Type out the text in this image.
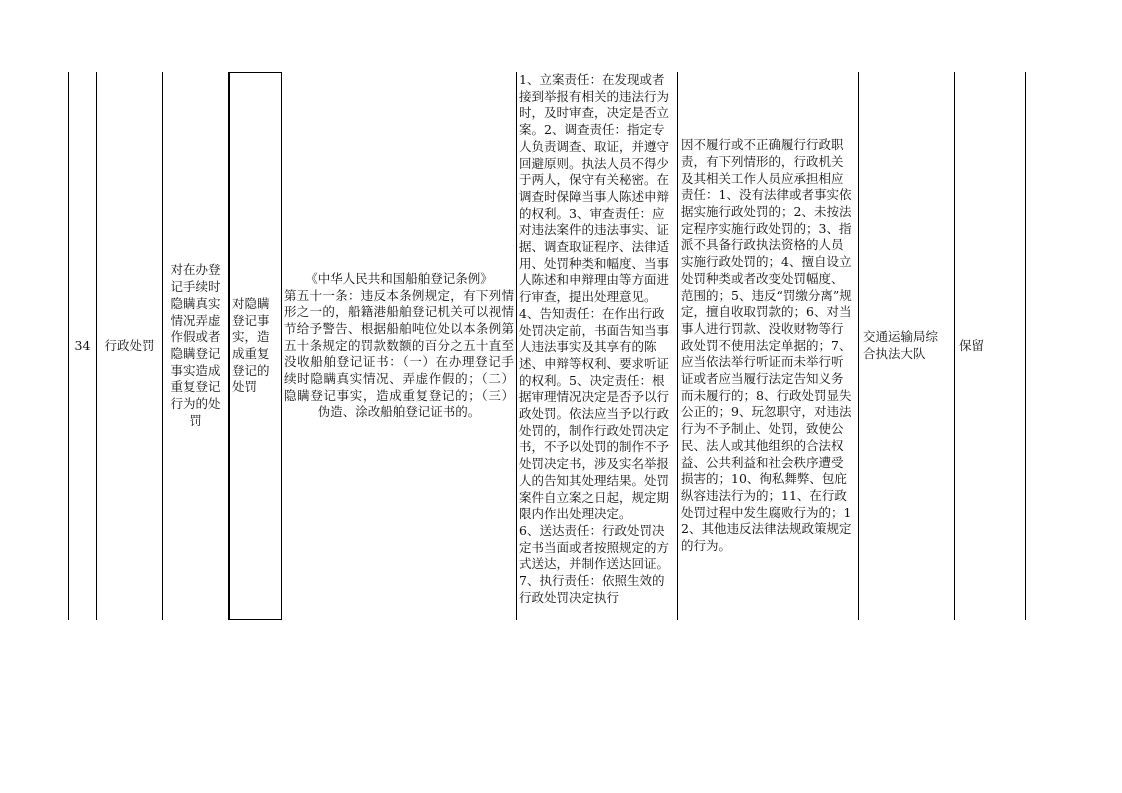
34	行政处罚
对在办登记手续时隐瞒真实情况弄虚作假或者隐瞒登记事实造成重复登记行为的处罚
对隐瞒登记事实，造成重复登记的处罚
《中华人民共和国船舶登记条例》
第五十一条：违反本条例规定，有下列情形之一的，船籍港船舶登记机关可以视情节给予警告、根据船舶吨位处以本条例第五十条规定的罚款数额的百分之五十直至没收船舶登记证书：（一）在办理登记手续时隐瞒真实情况、弄虚作假的；（二）隐瞒登记事实，造成重复登记的；（三）伪造、涂改船舶登记证书的。
1、立案责任：在发现或者接到举报有相关的违法行为时，及时审查，决定是否立案。2、调查责任：指定专人负责调查、取证，并遵守回避原则。执法人员不得少于两人，保守有关秘密。在调查时保障当事人陈述申辩的权利。3、审查责任：应对违法案件的违法事实、证据、调查取证程序、法律适用、处罚种类和幅度、当事人陈述和申辩理由等方面进行审查，提出处理意见。4、告知责任：在作出行政处罚决定前，书面告知当事人违法事实及其享有的陈述、申辩等权利、要求听证的权利。5、决定责任：根据审理情况决定是否予以行政处罚。依法应当予以行政处罚的，制作行政处罚决定书，不予以处罚的制作不予处罚决定书，涉及实名举报人的告知其处理结果。处罚案件自立案之日起，规定期限内作出处理决定。
6、送达责任：行政处罚决定书当面或者按照规定的方式送达，并制作送达回证。7、执行责任：依照生效的行政处罚决定执行
因不履行或不正确履行行政职责，有下列情形的，行政机关及其相关工作人员应承担相应责任：1、没有法律或者事实依据实施行政处罚的；2、未按法定程序实施行政处罚的；3、指派不具备行政执法资格的人员实施行政处罚的；4、擅自设立处罚种类或者改变处罚幅度、范围的；5、违反“罚缴分离”规定，擅自收取罚款的；6、对当事人进行罚款、没收财物等行政处罚不使用法定单据的；7、应当依法举行听证而未举行听证或者应当履行法定告知义务而未履行的；8、行政处罚显失公正的；9、玩忽职守，对违法行为不予制止、处罚，致使公民、法人或其他组织的合法权益、公共利益和社会秩序遭受损害的；10、徇私舞弊、包庇纵容违法行为的；11、在行政处罚过程中发生腐败行为的；12、其他违反法律法规政策规定的行为。
交通运输局综合执法大队
保留
